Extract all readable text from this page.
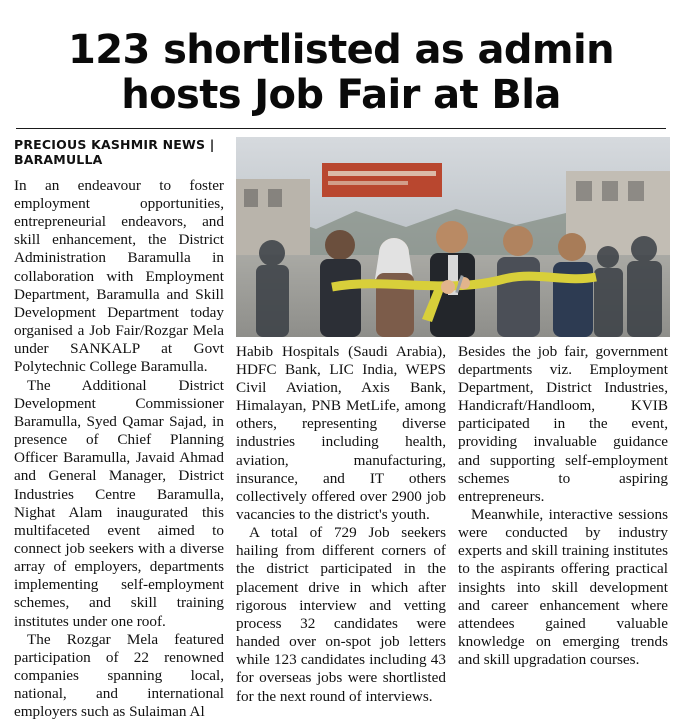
123 shortlisted as admin hosts Job Fair at Bla
PRECIOUS KASHMIR NEWS |
BARAMULLA

In an endeavour to foster employment opportunities, entrepreneurial endeavors, and skill enhancement, the District Administration Baramulla in collaboration with Employment Department, Baramulla and Skill Development Department today organised a Job Fair/Rozgar Mela under SANKALP at Govt Polytechnic College Baramulla.

The Additional District Development Commissioner Baramulla, Syed Qamar Sajad, in presence of Chief Planning Officer Baramulla, Javaid Ahmad and General Manager, District Industries Centre Baramulla, Nighat Alam inaugurated this multifaceted event aimed to connect job seekers with a diverse array of employers, departments implementing self-employment schemes, and skill training institutes under one roof.

The Rozgar Mela featured participation of 22 renowned companies spanning local, national, and international employers such as Sulaiman Al

Habib Hospitals (Saudi Arabia), HDFC Bank, LIC India, WEPS Civil Aviation, Axis Bank, Himalayan, PNB MetLife, among others, representing diverse industries including health, aviation, manufacturing, insurance, and IT others collectively offered over 2900 job vacancies to the district's youth.

A total of 729 Job seekers hailing from different corners of the district participated in the placement drive in which after rigorous interview and vetting process 32 candidates were handed over on-spot job letters while 123 candidates including 43 for overseas jobs were shortlisted for the next round of interviews.

Besides the job fair, government departments viz. Employment Department, District Industries, Handicraft/Handloom, KVIB participated in the event, providing invaluable guidance and supporting self-employment schemes to aspiring entrepreneurs.

Meanwhile, interactive sessions were conducted by industry experts and skill training institutes to the aspirants offering practical insights into skill development and career enhancement where attendees gained valuable knowledge on emerging trends and skill upgradation courses.
